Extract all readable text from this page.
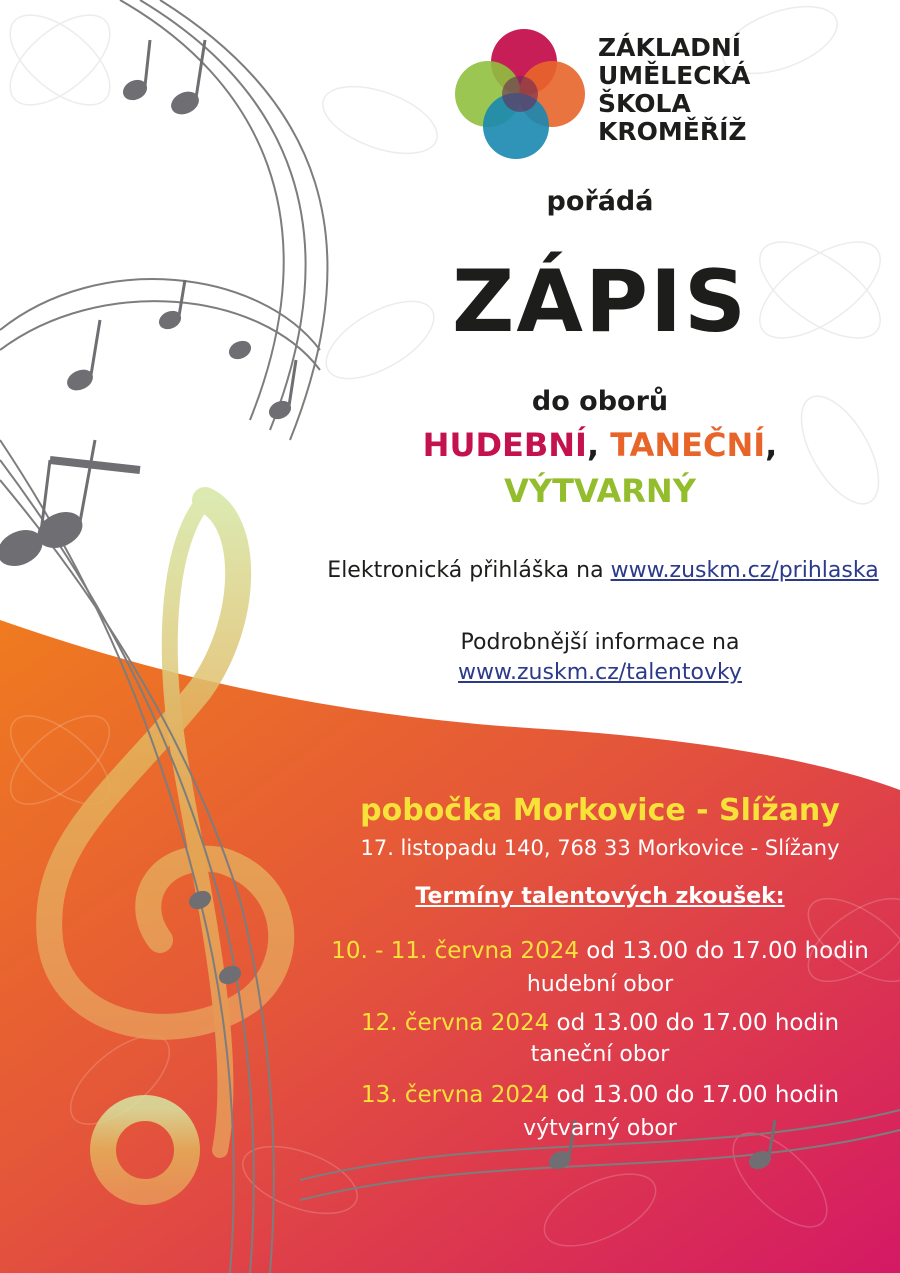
ZÁKLADNÍ
UMĚLECKÁ
ŠKOLA
KROMĚŘÍŽ
pořádá
ZÁPIS
do oborů
HUDEBNÍ, TANEČNÍ,
VÝTVARNÝ
Elektronická přihláška na www.zuskm.cz/prihlaska
Podrobnější informace na
www.zuskm.cz/talentovky
pobočka Morkovice - Slížany
17. listopadu 140, 768 33 Morkovice - Slížany
Termíny talentových zkoušek:
10. - 11. června 2024 od 13.00 do 17.00 hodin
hudební obor
12. června 2024 od 13.00 do 17.00 hodin
taneční obor
13. června 2024 od 13.00 do 17.00 hodin
výtvarný obor
